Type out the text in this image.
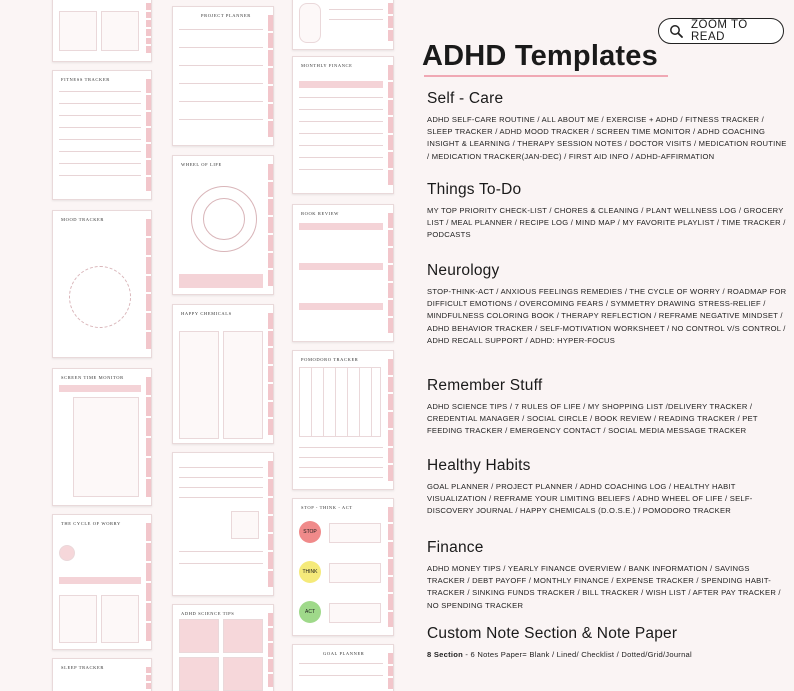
FITNESS TRACKER
MOOD TRACKER
SCREEN TIME MONITOR
THE CYCLE OF WORRY
SLEEP TRACKER
PROJECT PLANNER
WHEEL OF LIFE
HAPPY CHEMICALS
ADHD SCIENCE TIPS
MONTHLY FINANCE
BOOK REVIEW
POMODORO TRACKER
STOP - THINK - ACT
STOP
THINK
ACT
GOAL PLANNER
ZOOM TO READ
ADHD Templates
Self - Care

ADHD SELF-CARE ROUTINE / ALL ABOUT ME / EXERCISE + ADHD / FITNESS TRACKER / SLEEP TRACKER / ADHD MOOD TRACKER / SCREEN TIME MONITOR / ADHD COACHING INSIGHT & LEARNING / THERAPY SESSION NOTES / DOCTOR VISITS / MEDICATION ROUTINE / MEDICATION TRACKER(JAN-DEC) / FIRST AID INFO / ADHD-AFFIRMATION

Things To-Do

MY TOP PRIORITY CHECK-LIST / CHORES & CLEANING / PLANT WELLNESS LOG / GROCERY LIST / MEAL PLANNER / RECIPE LOG / MIND MAP / MY FAVORITE PLAYLIST / TIME TRACKER / PODCASTS

Neurology

STOP-THINK-ACT / ANXIOUS FEELINGS REMEDIES / THE CYCLE OF WORRY / ROADMAP FOR DIFFICULT EMOTIONS / OVERCOMING FEARS / SYMMETRY DRAWING STRESS-RELIEF / MINDFULNESS COLORING BOOK / THERAPY REFLECTION / REFRAME NEGATIVE MINDSET / ADHD BEHAVIOR TRACKER / SELF-MOTIVATION WORKSHEET / NO CONTROL V/S CONTROL / ADHD RECALL SUPPORT / ADHD: HYPER-FOCUS

Remember Stuff

ADHD SCIENCE TIPS / 7 RULES OF LIFE / MY SHOPPING LIST /DELIVERY TRACKER / CREDENTIAL MANAGER / SOCIAL CIRCLE / BOOK REVIEW / READING TRACKER / PET FEEDING TRACKER / EMERGENCY CONTACT / SOCIAL MEDIA MESSAGE TRACKER

Healthy Habits

GOAL PLANNER / PROJECT PLANNER / ADHD COACHING LOG / HEALTHY HABIT VISUALIZATION / REFRAME YOUR LIMITING BELIEFS / ADHD WHEEL OF LIFE / SELF-DISCOVERY JOURNAL / HAPPY CHEMICALS (D.O.S.E.) / POMODORO TRACKER

Finance

ADHD MONEY TIPS / YEARLY FINANCE OVERVIEW / BANK INFORMATION / SAVINGS TRACKER / DEBT PAYOFF / MONTHLY FINANCE / EXPENSE TRACKER / SPENDING HABIT-TRACKER / SINKING FUNDS TRACKER / BILL TRACKER / WISH LIST / AFTER PAY TRACKER / NO SPENDING TRACKER

Custom Note Section & Note Paper

8 Section - 6 Notes Paper= Blank / Lined/ Checklist / Dotted/Grid/Journal
